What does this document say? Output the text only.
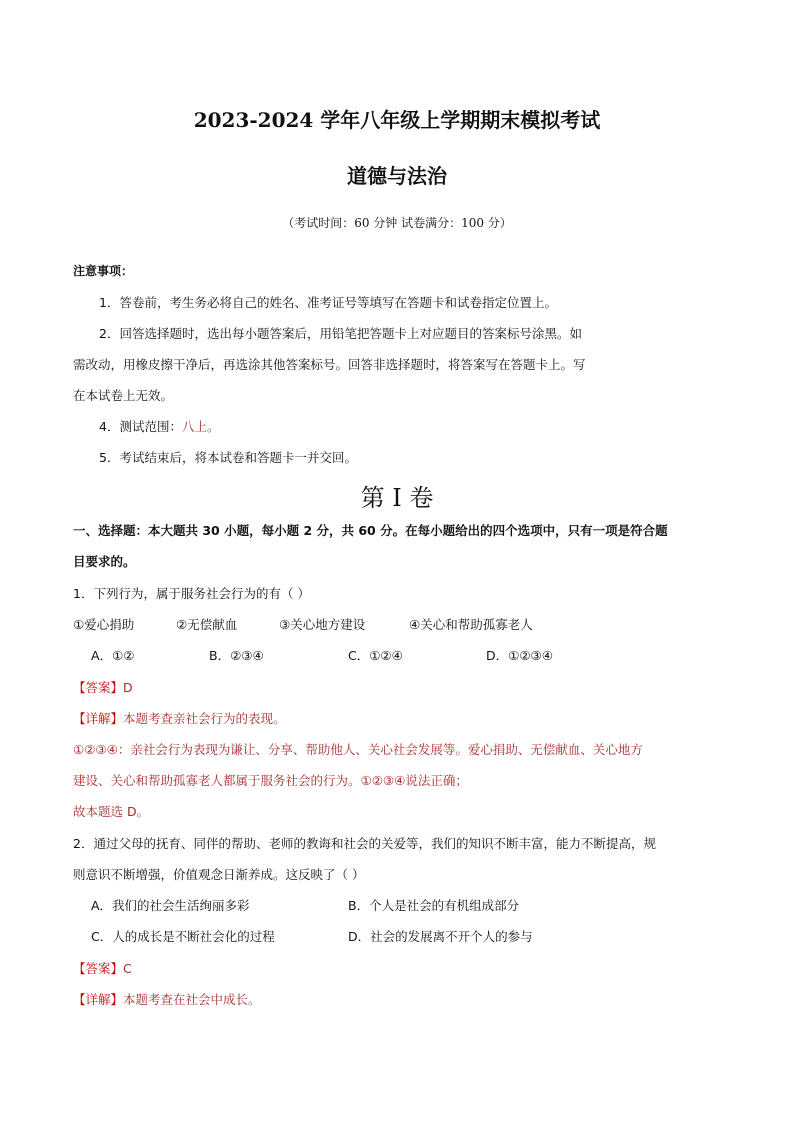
2023-2024 学年八年级上学期期末模拟考试
道德与法治
（考试时间：60 分钟 试卷满分：100 分）
注意事项：
1．答卷前，考生务必将自己的姓名、准考证号等填写在答题卡和试卷指定位置上。
2．回答选择题时，选出每小题答案后，用铅笔把答题卡上对应题目的答案标号涂黑。如
需改动，用橡皮擦干净后，再选涂其他答案标号。回答非选择题时，将答案写在答题卡上。写
在本试卷上无效。
4．测试范围：八上。
5．考试结束后，将本试卷和答题卡一并交回。
第 I 卷
一、选择题：本大题共 30 小题，每小题 2 分，共 60 分。在每小题给出的四个选项中，只有一项是符合题
目要求的。
1．下列行为，属于服务社会行为的有（ ）
①爱心捐助	②无偿献血	③关心地方建设	④关心和帮助孤寡老人
A．①②	B．②③④	C．①②④	D．①②③④
【答案】D
【详解】本题考查亲社会行为的表现。
①②③④：亲社会行为表现为谦让、分享、帮助他人、关心社会发展等。爱心捐助、无偿献血、关心地方
建设、关心和帮助孤寡老人都属于服务社会的行为。①②③④说法正确；
故本题选 D。
2．通过父母的抚育、同伴的帮助、老师的教诲和社会的关爱等，我们的知识不断丰富，能力不断提高，规
则意识不断增强，价值观念日渐养成。这反映了（ ）
A．我们的社会生活绚丽多彩	B．个人是社会的有机组成部分
C．人的成长是不断社会化的过程	D．社会的发展离不开个人的参与
【答案】C
【详解】本题考查在社会中成长。
